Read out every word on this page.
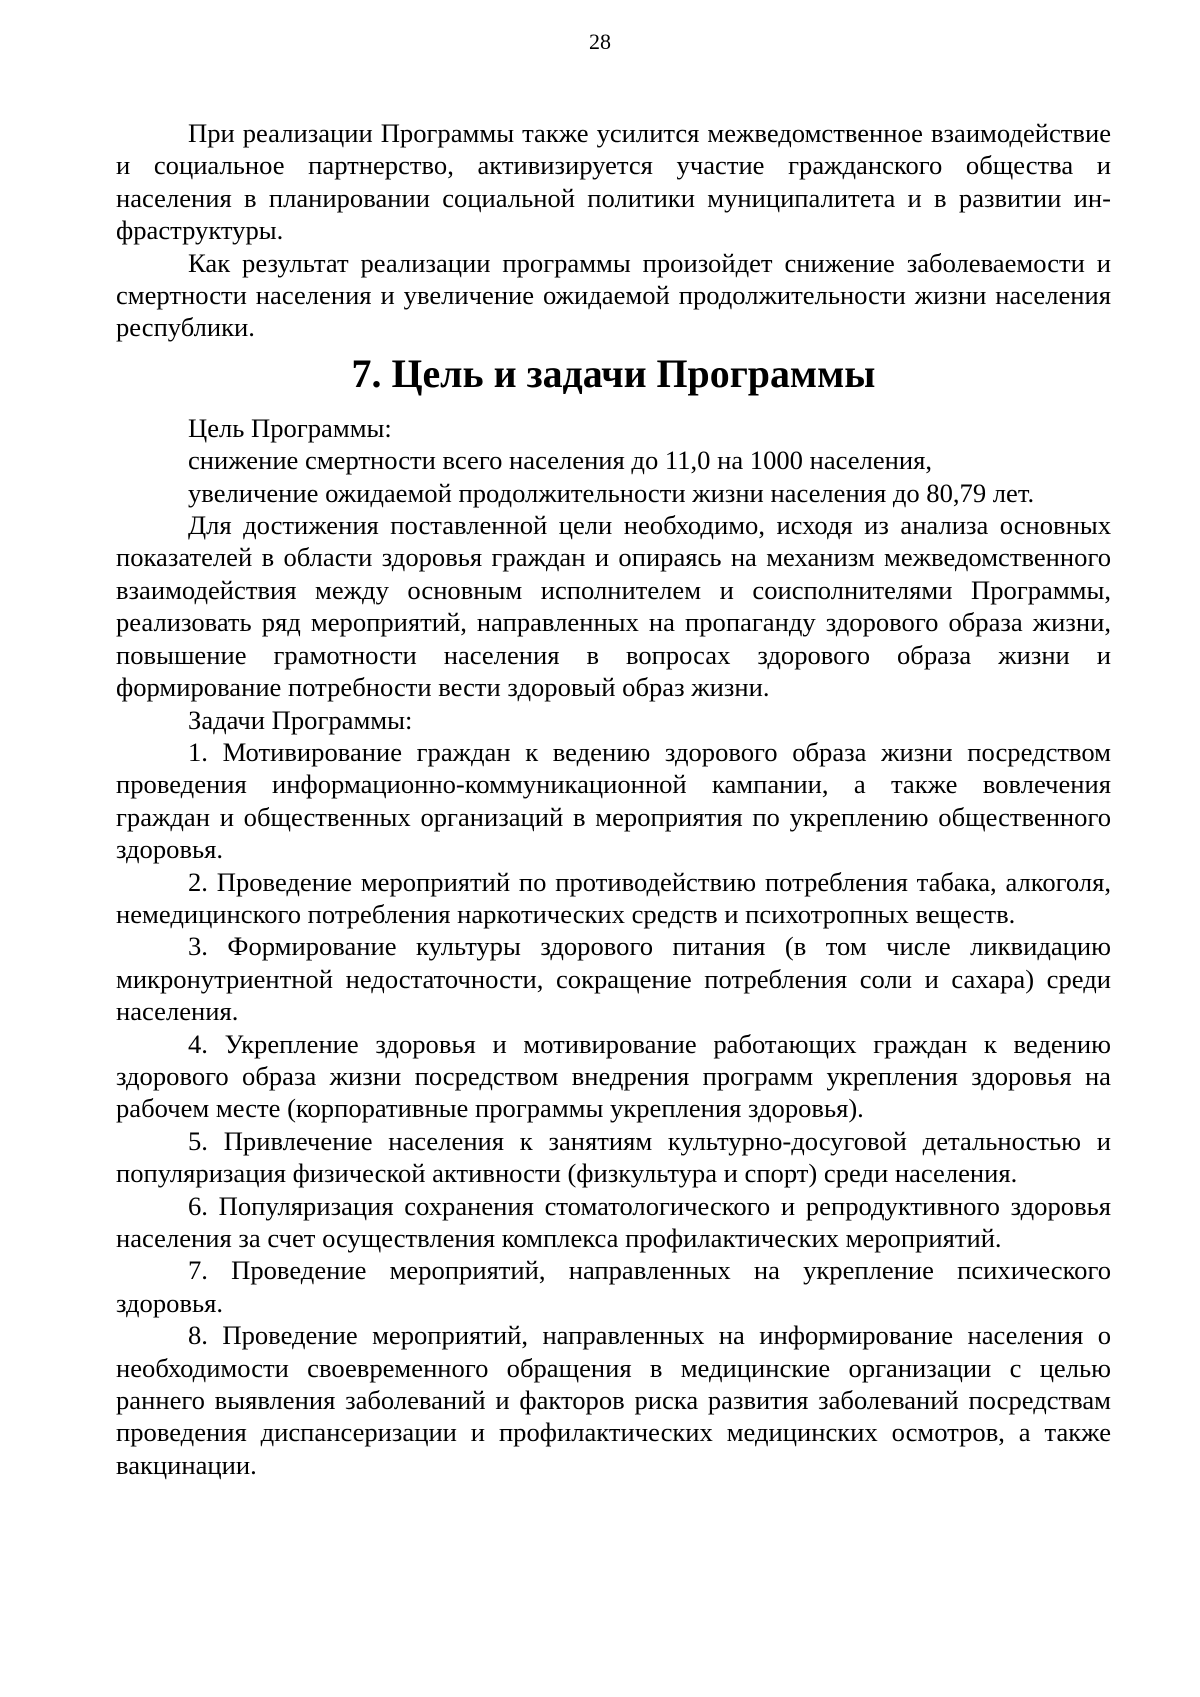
28

При реализации Программы также усилится межведомственное взаимодействие и социальное партнерство, активизируется участие гражданского общества и населения в планировании социальной политики муниципалитета и в развитии инфраструктуры.

Как результат реализации программы произойдет снижение заболеваемости и смертности населения и увеличение ожидаемой продолжительности жизни населения республики.

7. Цель и задачи Программы

Цель Программы:

снижение смертности всего населения до 11,0 на 1000 населения,

увеличение ожидаемой продолжительности жизни населения до 80,79 лет.

Для достижения поставленной цели необходимо, исходя из анализа основных показателей в области здоровья граждан и опираясь на механизм межведомственного взаимодействия между основным исполнителем и соисполнителями Программы, реализовать ряд мероприятий, направленных на пропаганду здорового образа жизни, повышение грамотности населения в вопросах здорового образа жизни и формирование потребности вести здоровый образ жизни.

Задачи Программы:

1. Мотивирование граждан к ведению здорового образа жизни посредством проведения информационно-коммуникационной кампании, а также вовлечения граждан и общественных организаций в мероприятия по укреплению общественного здоровья.

2. Проведение мероприятий по противодействию потребления табака, алкоголя, немедицинского потребления наркотических средств и психотропных веществ.

3. Формирование культуры здорового питания (в том числе ликвидацию микронутриентной недостаточности, сокращение потребления соли и сахара) среди населения.

4. Укрепление здоровья и мотивирование работающих граждан к ведению здорового образа жизни посредством внедрения программ укрепления здоровья на рабочем месте (корпоративные программы укрепления здоровья).

5. Привлечение населения к занятиям культурно-досуговой детальностью и популяризация физической активности (физкультура и спорт) среди населения.

6. Популяризация сохранения стоматологического и репродуктивного здоровья населения за счет осуществления комплекса профилактических мероприятий.

7. Проведение мероприятий, направленных на укрепление психического здоровья.

8. Проведение мероприятий, направленных на информирование населения о необходимости своевременного обращения в медицинские организации с целью раннего выявления заболеваний и факторов риска развития заболеваний посредствам проведения диспансеризации и профилактических медицинских осмотров, а также вакцинации.
